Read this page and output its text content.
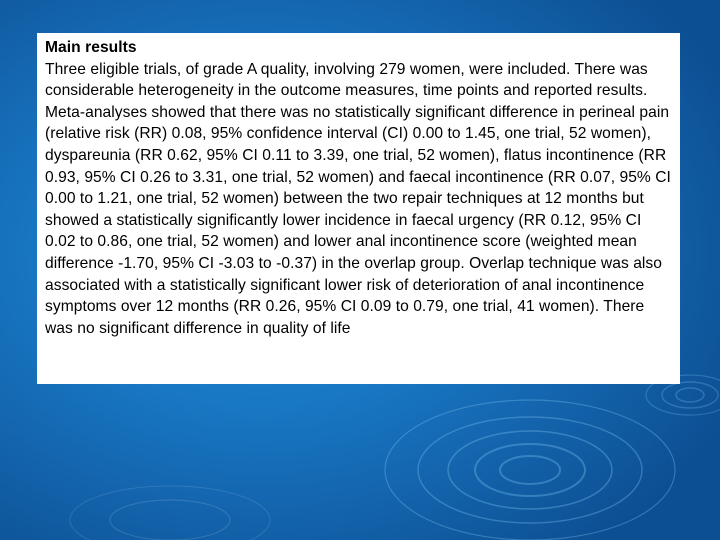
Main results
Three eligible trials, of grade A quality, involving 279 women, were included. There was considerable heterogeneity in the outcome measures, time points and reported results. Meta-analyses showed that there was no statistically significant difference in perineal pain (relative risk (RR) 0.08, 95% confidence interval (CI) 0.00 to 1.45, one trial, 52 women), dyspareunia (RR 0.62, 95% CI 0.11 to 3.39, one trial, 52 women), flatus incontinence (RR 0.93, 95% CI 0.26 to 3.31, one trial, 52 women) and faecal incontinence (RR 0.07, 95% CI 0.00 to 1.21, one trial, 52 women) between the two repair techniques at 12 months but showed a statistically significantly lower incidence in faecal urgency (RR 0.12, 95% CI 0.02 to 0.86, one trial, 52 women) and lower anal incontinence score (weighted mean difference -1.70, 95% CI -3.03 to -0.37) in the overlap group. Overlap technique was also associated with a statistically significant lower risk of deterioration of anal incontinence symptoms over 12 months (RR 0.26, 95% CI 0.09 to 0.79, one trial, 41 women). There was no significant difference in quality of life
